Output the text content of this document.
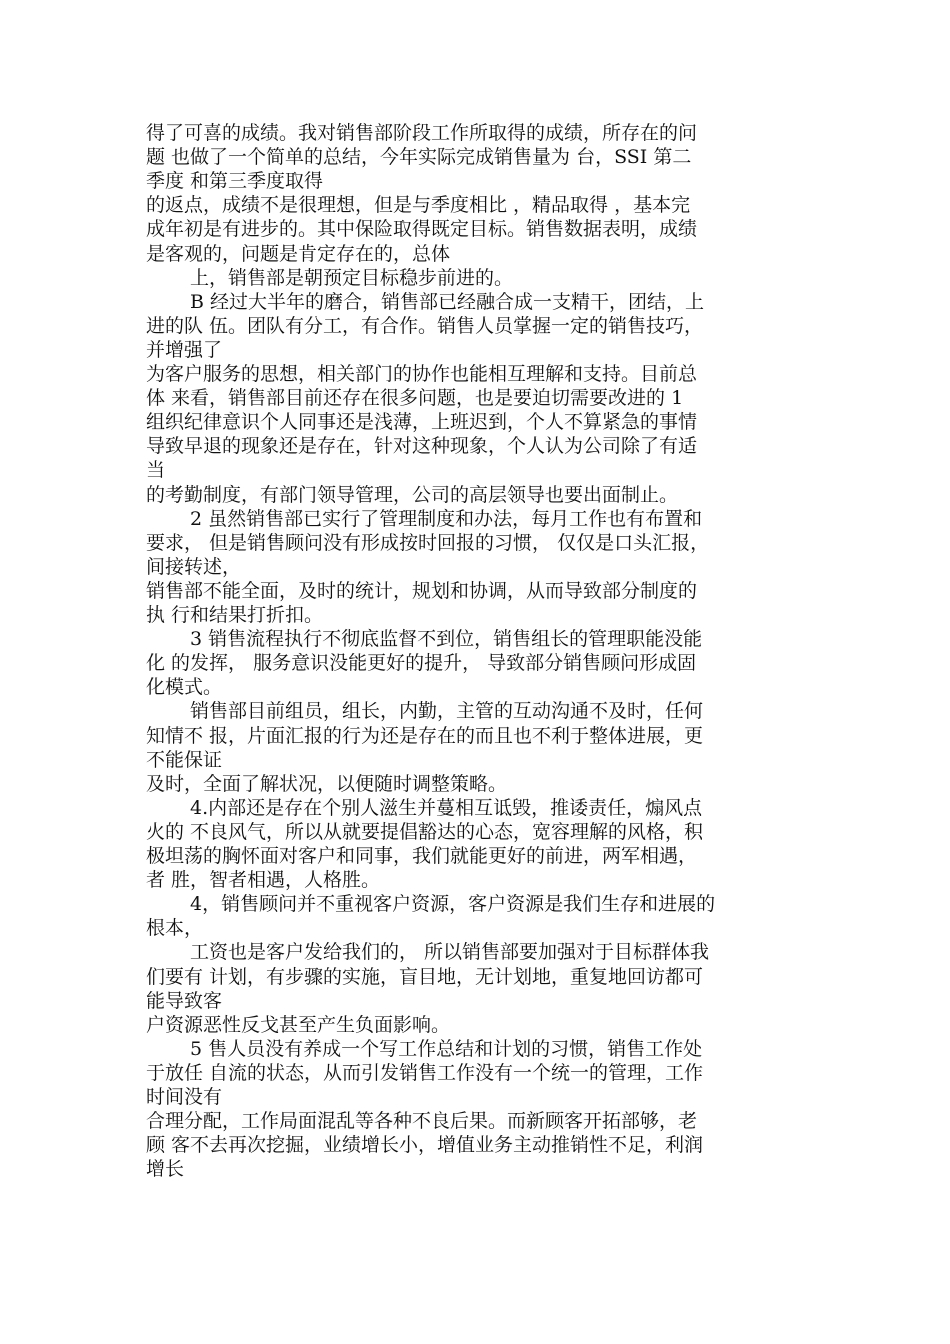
得了可喜的成绩。我对销售部阶段工作所取得的成绩，所存在的问
题 也做了一个简单的总结，今年实际完成销售量为 台，SSI 第二
季度 和第三季度取得
的返点，成绩不是很理想，但是与季度相比 ，精品取得 ，基本完
成年初是有进步的。其中保险取得既定目标。销售数据表明，成绩
是客观的，问题是肯定存在的，总体
上，销售部是朝预定目标稳步前进的。
B 经过大半年的磨合，销售部已经融合成一支精干，团结，上
进的队 伍。团队有分工，有合作。销售人员掌握一定的销售技巧，
并增强了
为客户服务的思想，相关部门的协作也能相互理解和支持。目前总
体 来看，销售部目前还存在很多问题，也是要迫切需要改进的 1
组织纪律意识个人同事还是浅薄，上班迟到，个人不算紧急的事情
导致早退的现象还是存在，针对这种现象，个人认为公司除了有适
当
的考勤制度，有部门领导管理，公司的高层领导也要出面制止。
2 虽然销售部已实行了管理制度和办法，每月工作也有布置和
要求， 但是销售顾问没有形成按时回报的习惯， 仅仅是口头汇报，
间接转述，
销售部不能全面，及时的统计，规划和协调，从而导致部分制度的
执 行和结果打折扣。
3 销售流程执行不彻底监督不到位，销售组长的管理职能没能
化 的发挥， 服务意识没能更好的提升， 导致部分销售顾问形成固
化模式。
销售部目前组员，组长，内勤，主管的互动沟通不及时，任何
知情不 报，片面汇报的行为还是存在的而且也不利于整体进展，更
不能保证
及时，全面了解状况，以便随时调整策略。
4.内部还是存在个别人滋生并蔓相互诋毁，推诿责任，煽风点
火的 不良风气，所以从就要提倡豁达的心态，宽容理解的风格，积
极坦荡的胸怀面对客户和同事，我们就能更好的前进，两军相遇，
者 胜，智者相遇，人格胜。
4，销售顾问并不重视客户资源，客户资源是我们生存和进展的
根本，
工资也是客户发给我们的， 所以销售部要加强对于目标群体我
们要有 计划，有步骤的实施，盲目地，无计划地，重复地回访都可
能导致客
户资源恶性反戈甚至产生负面影响。
5 售人员没有养成一个写工作总结和计划的习惯，销售工作处
于放任 自流的状态，从而引发销售工作没有一个统一的管理，工作
时间没有
合理分配，工作局面混乱等各种不良后果。而新顾客开拓部够，老
顾 客不去再次挖掘，业绩增长小，增值业务主动推销性不足，利润
增长
